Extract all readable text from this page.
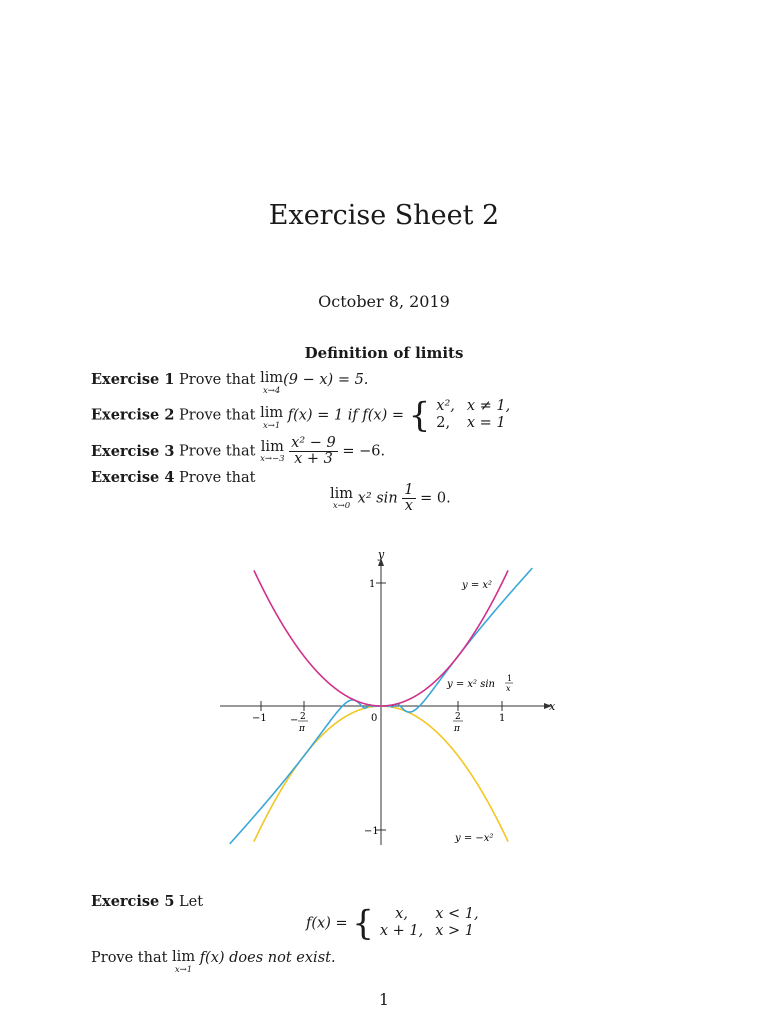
Exercise Sheet 2
October 8, 2019
Definition of limits
Exercise 1 Prove that lim
x→4
(9 − x) = 5.
Exercise 2 Prove that lim
x→1
f(x) = 1 if f(x) = { x²,	x ≠ 1,
2,	x = 1
Exercise 3 Prove that lim
x→−3
$\frac{\text{x² − 9}}{x + 3} = -6$.
Exercise 4 Prove that
lim
x→0 x² $\sin \frac{1}{x} = 0$.
x
y
0
−1 − 2
π
2
π
1
1
−1
y = x²
y = −x²
y = x² sin
1
x
Exercise 5 Let
f(x) = { x,	x < 1,
x + 1,	x > 1
Prove that lim
x→1
f(x) does not exist.
1
